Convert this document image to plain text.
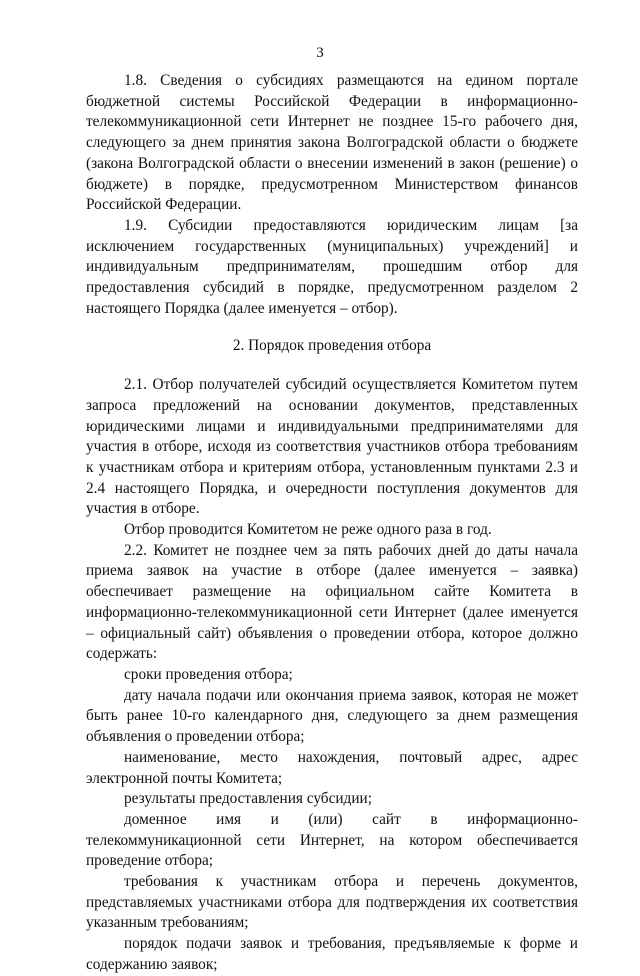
3

1.8. Сведения о субсидиях размещаются на едином портале бюджетной системы Российской Федерации в информационно-телекоммуникационной сети Интернет не позднее 15-го рабочего дня, следующего за днем принятия закона Волгоградской области о бюджете (закона Волгоградской области о внесении изменений в закон (решение) о бюджете) в порядке, предусмотренном Министерством финансов Российской Федерации.

1.9. Субсидии предоставляются юридическим лицам [за исключением государственных (муниципальных) учреждений] и индивидуальным предпринимателям, прошедшим отбор для предоставления субсидий в порядке, предусмотренном разделом 2 настоящего Порядка (далее именуется – отбор).

2. Порядок проведения отбора

2.1. Отбор получателей субсидий осуществляется Комитетом путем запроса предложений на основании документов, представленных юридическими лицами и индивидуальными предпринимателями для участия в отборе, исходя из соответствия участников отбора требованиям к участникам отбора и критериям отбора, установленным пунктами 2.3 и 2.4 настоящего Порядка, и очередности поступления документов для участия в отборе.

Отбор проводится Комитетом не реже одного раза в год.

2.2. Комитет не позднее чем за пять рабочих дней до даты начала приема заявок на участие в отборе (далее именуется – заявка) обеспечивает размещение на официальном сайте Комитета в информационно-телекоммуникационной сети Интернет (далее именуется – официальный сайт) объявления о проведении отбора, которое должно содержать:

сроки проведения отбора;

дату начала подачи или окончания приема заявок, которая не может быть ранее 10-го календарного дня, следующего за днем размещения объявления о проведении отбора;

наименование, место нахождения, почтовый адрес, адрес электронной почты Комитета;

результаты предоставления субсидии;

доменное имя и (или) сайт в информационно-телекоммуникационной сети Интернет, на котором обеспечивается проведение отбора;

требования к участникам отбора и перечень документов, представляемых участниками отбора для подтверждения их соответствия указанным требованиям;

порядок подачи заявок и требования, предъявляемые к форме и содержанию заявок;
